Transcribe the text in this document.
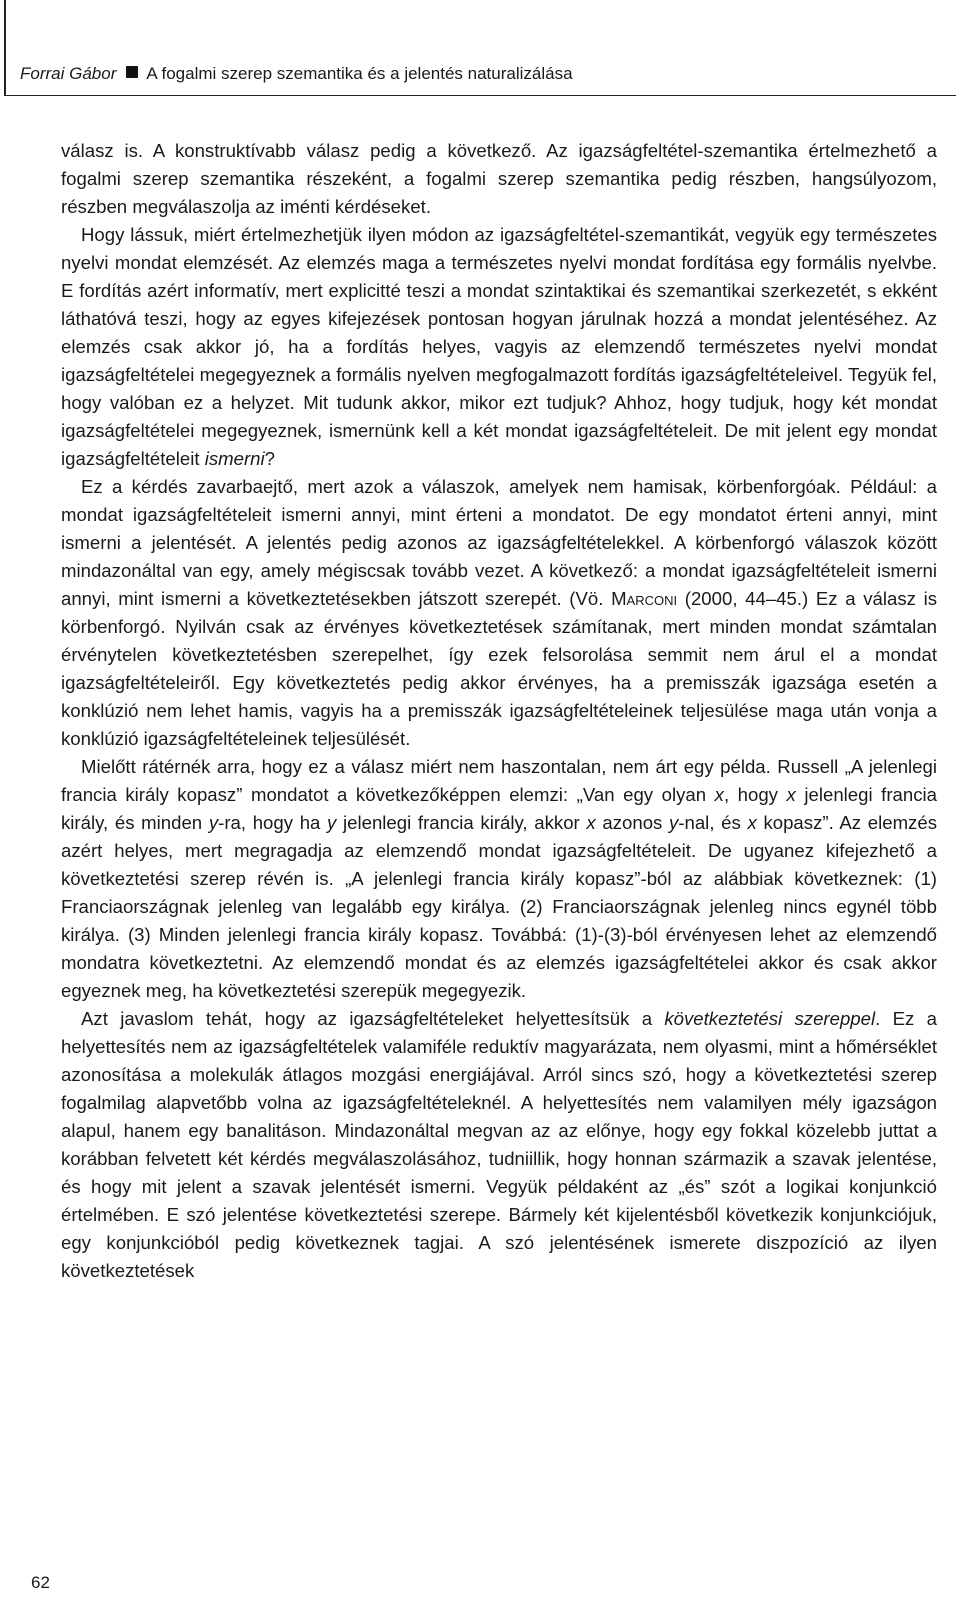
Forrai Gábor A fogalmi szerep szemantika és a jelentés naturalizálása

válasz is. A konstruktívabb válasz pedig a következő. Az igazságfeltétel-szemantika értelmezhető a fogalmi szerep szemantika részeként, a fogalmi szerep szemantika pedig részben, hangsúlyozom, részben megválaszolja az iménti kérdéseket.

Hogy lássuk, miért értelmezhetjük ilyen módon az igazságfeltétel-szemantikát, vegyük egy természetes nyelvi mondat elemzését. Az elemzés maga a természetes nyelvi mondat fordítása egy formális nyelvbe. E fordítás azért informatív, mert explicitté teszi a mondat szintaktikai és szemantikai szerkezetét, s ekként láthatóvá teszi, hogy az egyes kifejezések pontosan hogyan járulnak hozzá a mondat jelentéséhez. Az elemzés csak akkor jó, ha a fordítás helyes, vagyis az elemzendő természetes nyelvi mondat igazságfeltételei megegyeznek a formális nyelven megfogalmazott fordítás igazságfeltételeivel. Tegyük fel, hogy valóban ez a helyzet. Mit tudunk akkor, mikor ezt tudjuk? Ahhoz, hogy tudjuk, hogy két mondat igazságfeltételei megegyeznek, ismernünk kell a két mondat igazságfeltételeit. De mit jelent egy mondat igazságfeltételeit ismerni?

Ez a kérdés zavarbaejtő, mert azok a válaszok, amelyek nem hamisak, körbenforgóak. Például: a mondat igazságfeltételeit ismerni annyi, mint érteni a mondatot. De egy mondatot érteni annyi, mint ismerni a jelentését. A jelentés pedig azonos az igazságfeltételekkel. A körbenforgó válaszok között mindazonáltal van egy, amely mégiscsak tovább vezet. A következő: a mondat igazságfeltételeit ismerni annyi, mint ismerni a következtetésekben játszott szerepét. (Vö. Marconi (2000, 44–45.) Ez a válasz is körbenforgó. Nyilván csak az érvényes következtetések számítanak, mert minden mondat számtalan érvénytelen következtetésben szerepelhet, így ezek felsorolása semmit nem árul el a mondat igazságfeltételeiről. Egy következtetés pedig akkor érvényes, ha a premisszák igazsága esetén a konklúzió nem lehet hamis, vagyis ha a premisszák igazságfeltételeinek teljesülése maga után vonja a konklúzió igazságfeltételeinek teljesülését.

Mielőtt rátérnék arra, hogy ez a válasz miért nem haszontalan, nem árt egy példa. Russell „A jelenlegi francia király kopasz” mondatot a következőképpen elemzi: „Van egy olyan x, hogy x jelenlegi francia király, és minden y-ra, hogy ha y jelenlegi francia király, akkor x azonos y-nal, és x kopasz”. Az elemzés azért helyes, mert megragadja az elemzendő mondat igazságfeltételeit. De ugyanez kifejezhető a következtetési szerep révén is. „A jelenlegi francia király kopasz”-ból az alábbiak következnek: (1) Franciaországnak jelenleg van legalább egy királya. (2) Franciaországnak jelenleg nincs egynél több királya. (3) Minden jelenlegi francia király kopasz. Továbbá: (1)-(3)-ból érvényesen lehet az elemzendő mondatra következtetni. Az elemzendő mondat és az elemzés igazságfeltételei akkor és csak akkor egyeznek meg, ha következtetési szerepük megegyezik.

Azt javaslom tehát, hogy az igazságfeltételeket helyettesítsük a következtetési szereppel. Ez a helyettesítés nem az igazságfeltételek valamiféle reduktív magyarázata, nem olyasmi, mint a hőmérséklet azonosítása a molekulák átlagos mozgási energiájával. Arról sincs szó, hogy a következtetési szerep fogalmilag alapvetőbb volna az igazságfeltételeknél. A helyettesítés nem valamilyen mély igazságon alapul, hanem egy banalitáson. Mindazonáltal megvan az az előnye, hogy egy fokkal közelebb juttat a korábban felvetett két kérdés megválaszolásához, tudniillik, hogy honnan származik a szavak jelentése, és hogy mit jelent a szavak jelentését ismerni. Vegyük példaként az „és” szót a logikai konjunkció értelmében. E szó jelentése következtetési szerepe. Bármely két kijelentésből következik konjunkciójuk, egy konjunkcióból pedig következnek tagjai. A szó jelentésének ismerete diszpozíció az ilyen következtetések

62
